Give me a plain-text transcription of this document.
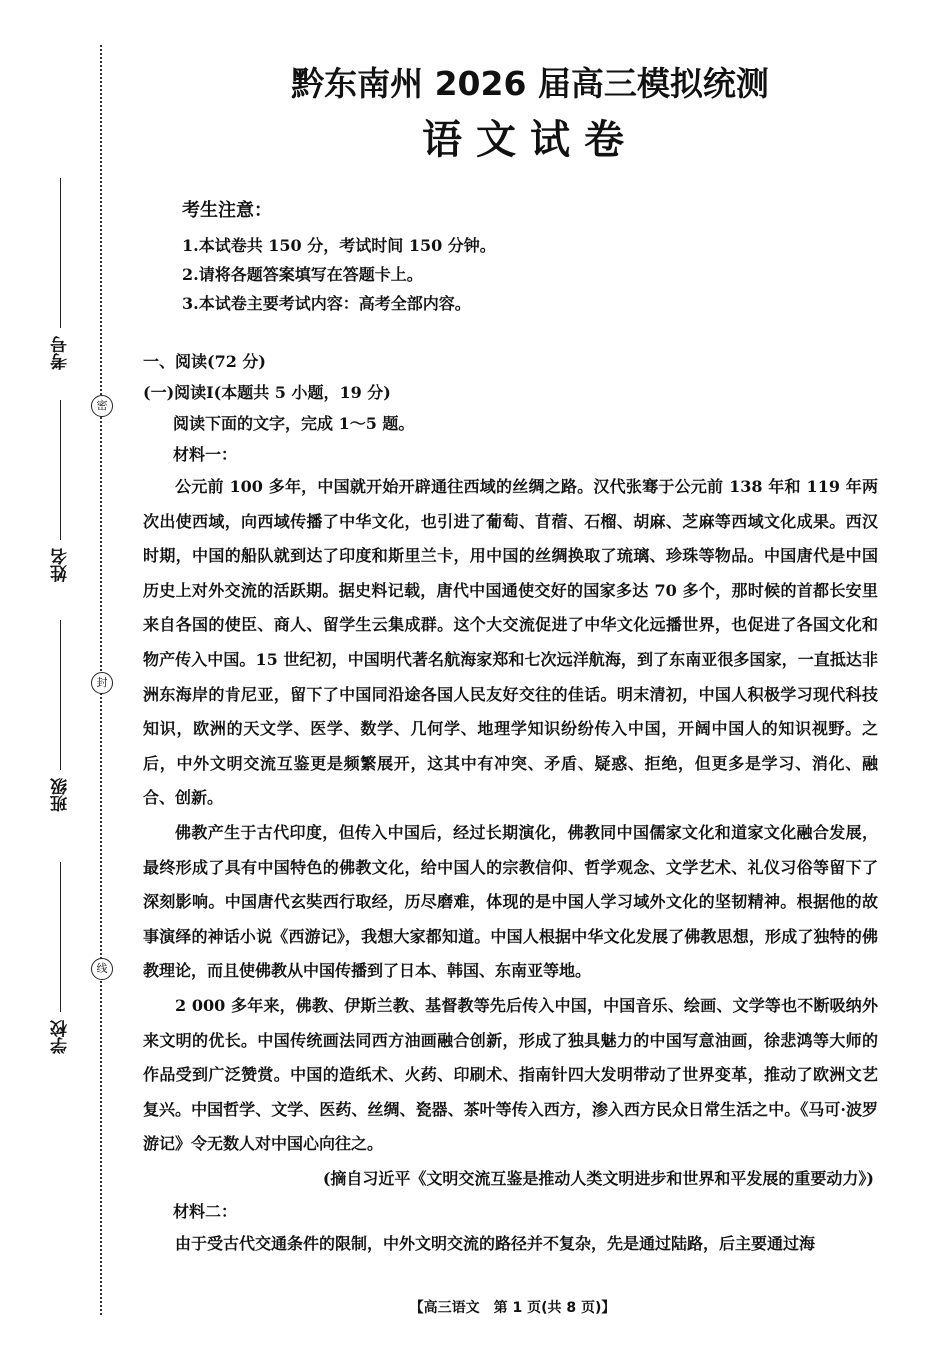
密
封
线
考号
姓名
班级
学校
黔东南州 2026 届高三模拟统测
语文试卷
考生注意：
1.本试卷共 150 分，考试时间 150 分钟。
2.请将各题答案填写在答题卡上。
3.本试卷主要考试内容：高考全部内容。
一、阅读(72 分)
(一)阅读Ⅰ(本题共 5 小题，19 分)
阅读下面的文字，完成 1～5 题。
材料一：

公元前 100 多年，中国就开始开辟通往西域的丝绸之路。汉代张骞于公元前 138 年和 119 年两次出使西域，向西域传播了中华文化，也引进了葡萄、苜蓿、石榴、胡麻、芝麻等西域文化成果。西汉时期，中国的船队就到达了印度和斯里兰卡，用中国的丝绸换取了琉璃、珍珠等物品。中国唐代是中国历史上对外交流的活跃期。据史料记载，唐代中国通使交好的国家多达 70 多个，那时候的首都长安里来自各国的使臣、商人、留学生云集成群。这个大交流促进了中华文化远播世界，也促进了各国文化和物产传入中国。15 世纪初，中国明代著名航海家郑和七次远洋航海，到了东南亚很多国家，一直抵达非洲东海岸的肯尼亚，留下了中国同沿途各国人民友好交往的佳话。明末清初，中国人积极学习现代科技知识，欧洲的天文学、医学、数学、几何学、地理学知识纷纷传入中国，开阔中国人的知识视野。之后，中外文明交流互鉴更是频繁展开，这其中有冲突、矛盾、疑惑、拒绝，但更多是学习、消化、融合、创新。

佛教产生于古代印度，但传入中国后，经过长期演化，佛教同中国儒家文化和道家文化融合发展，最终形成了具有中国特色的佛教文化，给中国人的宗教信仰、哲学观念、文学艺术、礼仪习俗等留下了深刻影响。中国唐代玄奘西行取经，历尽磨难，体现的是中国人学习域外文化的坚韧精神。根据他的故事演绎的神话小说《西游记》，我想大家都知道。中国人根据中华文化发展了佛教思想，形成了独特的佛教理论，而且使佛教从中国传播到了日本、韩国、东南亚等地。

2 000 多年来，佛教、伊斯兰教、基督教等先后传入中国，中国音乐、绘画、文学等也不断吸纳外来文明的优长。中国传统画法同西方油画融合创新，形成了独具魅力的中国写意油画，徐悲鸿等大师的作品受到广泛赞赏。中国的造纸术、火药、印刷术、指南针四大发明带动了世界变革，推动了欧洲文艺复兴。中国哲学、文学、医药、丝绸、瓷器、茶叶等传入西方，渗入西方民众日常生活之中。《马可·波罗游记》令无数人对中国心向往之。

(摘自习近平《文明交流互鉴是推动人类文明进步和世界和平发展的重要动力》)
材料二：

由于受古代交通条件的限制，中外文明交流的路径并不复杂，先是通过陆路，后主要通过海

【高三语文　第 1 页(共 8 页)】
